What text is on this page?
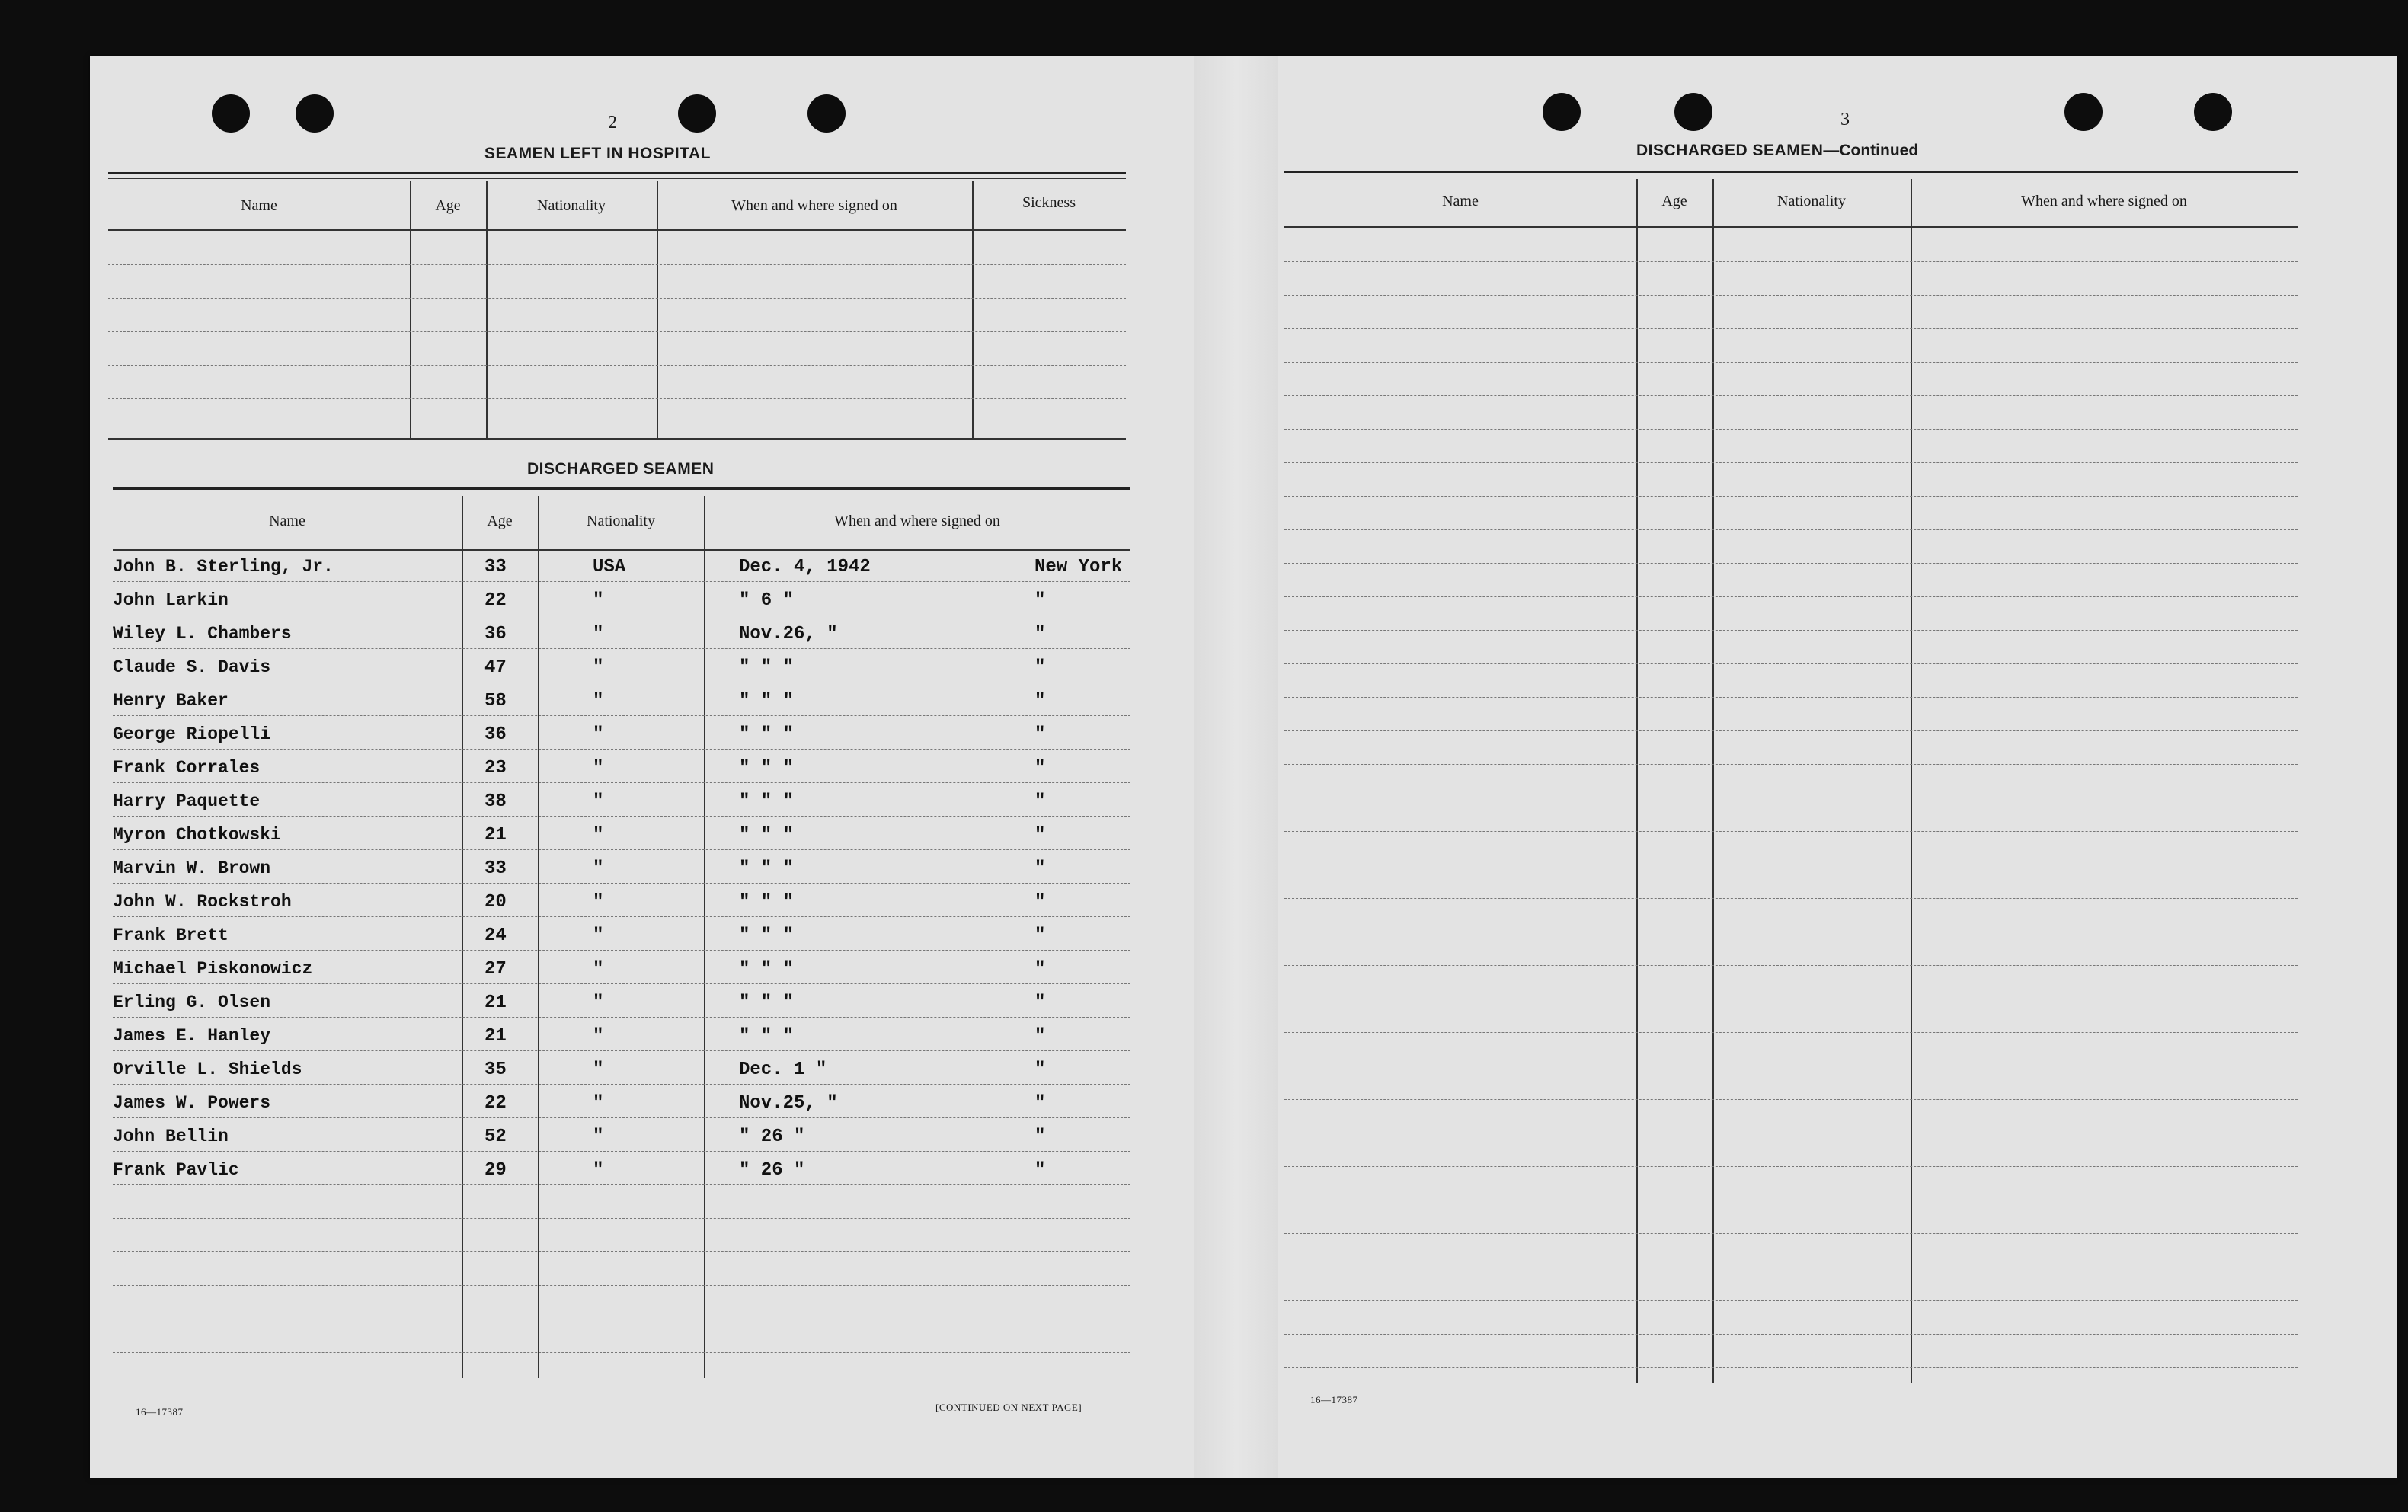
2
SEAMEN LEFT IN HOSPITAL
Name	Age	Nationality	When and where signed on	Sickness
DISCHARGED SEAMEN
Name	Age	Nationality	When and where signed on
John B. Sterling, Jr.	33	USA	Dec. 4, 1942	New York
John Larkin	22	"	" 6 "	"
Wiley L. Chambers	36	"	Nov.26, "	"
Claude S. Davis	47	"	" " "	"
Henry Baker	58	"	" " "	"
George Riopelli	36	"	" " "	"
Frank Corrales	23	"	" " "	"
Harry Paquette	38	"	" " "	"
Myron Chotkowski	21	"	" " "	"
Marvin W. Brown	33	"	" " "	"
John W. Rockstroh	20	"	" " "	"
Frank Brett	24	"	" " "	"
Michael Piskonowicz	27	"	" " "	"
Erling G. Olsen	21	"	" " "	"
James E. Hanley	21	"	" " "	"
Orville L. Shields	35	"	Dec. 1 "	"
James W. Powers	22	"	Nov.25, "	"
John Bellin	52	"	" 26 "	"
Frank Pavlic	29	"	" 26 "	"
16—17387	[CONTINUED ON NEXT PAGE]
3
DISCHARGED SEAMEN—Continued
Name	Age	Nationality	When and where signed on
16—17387
